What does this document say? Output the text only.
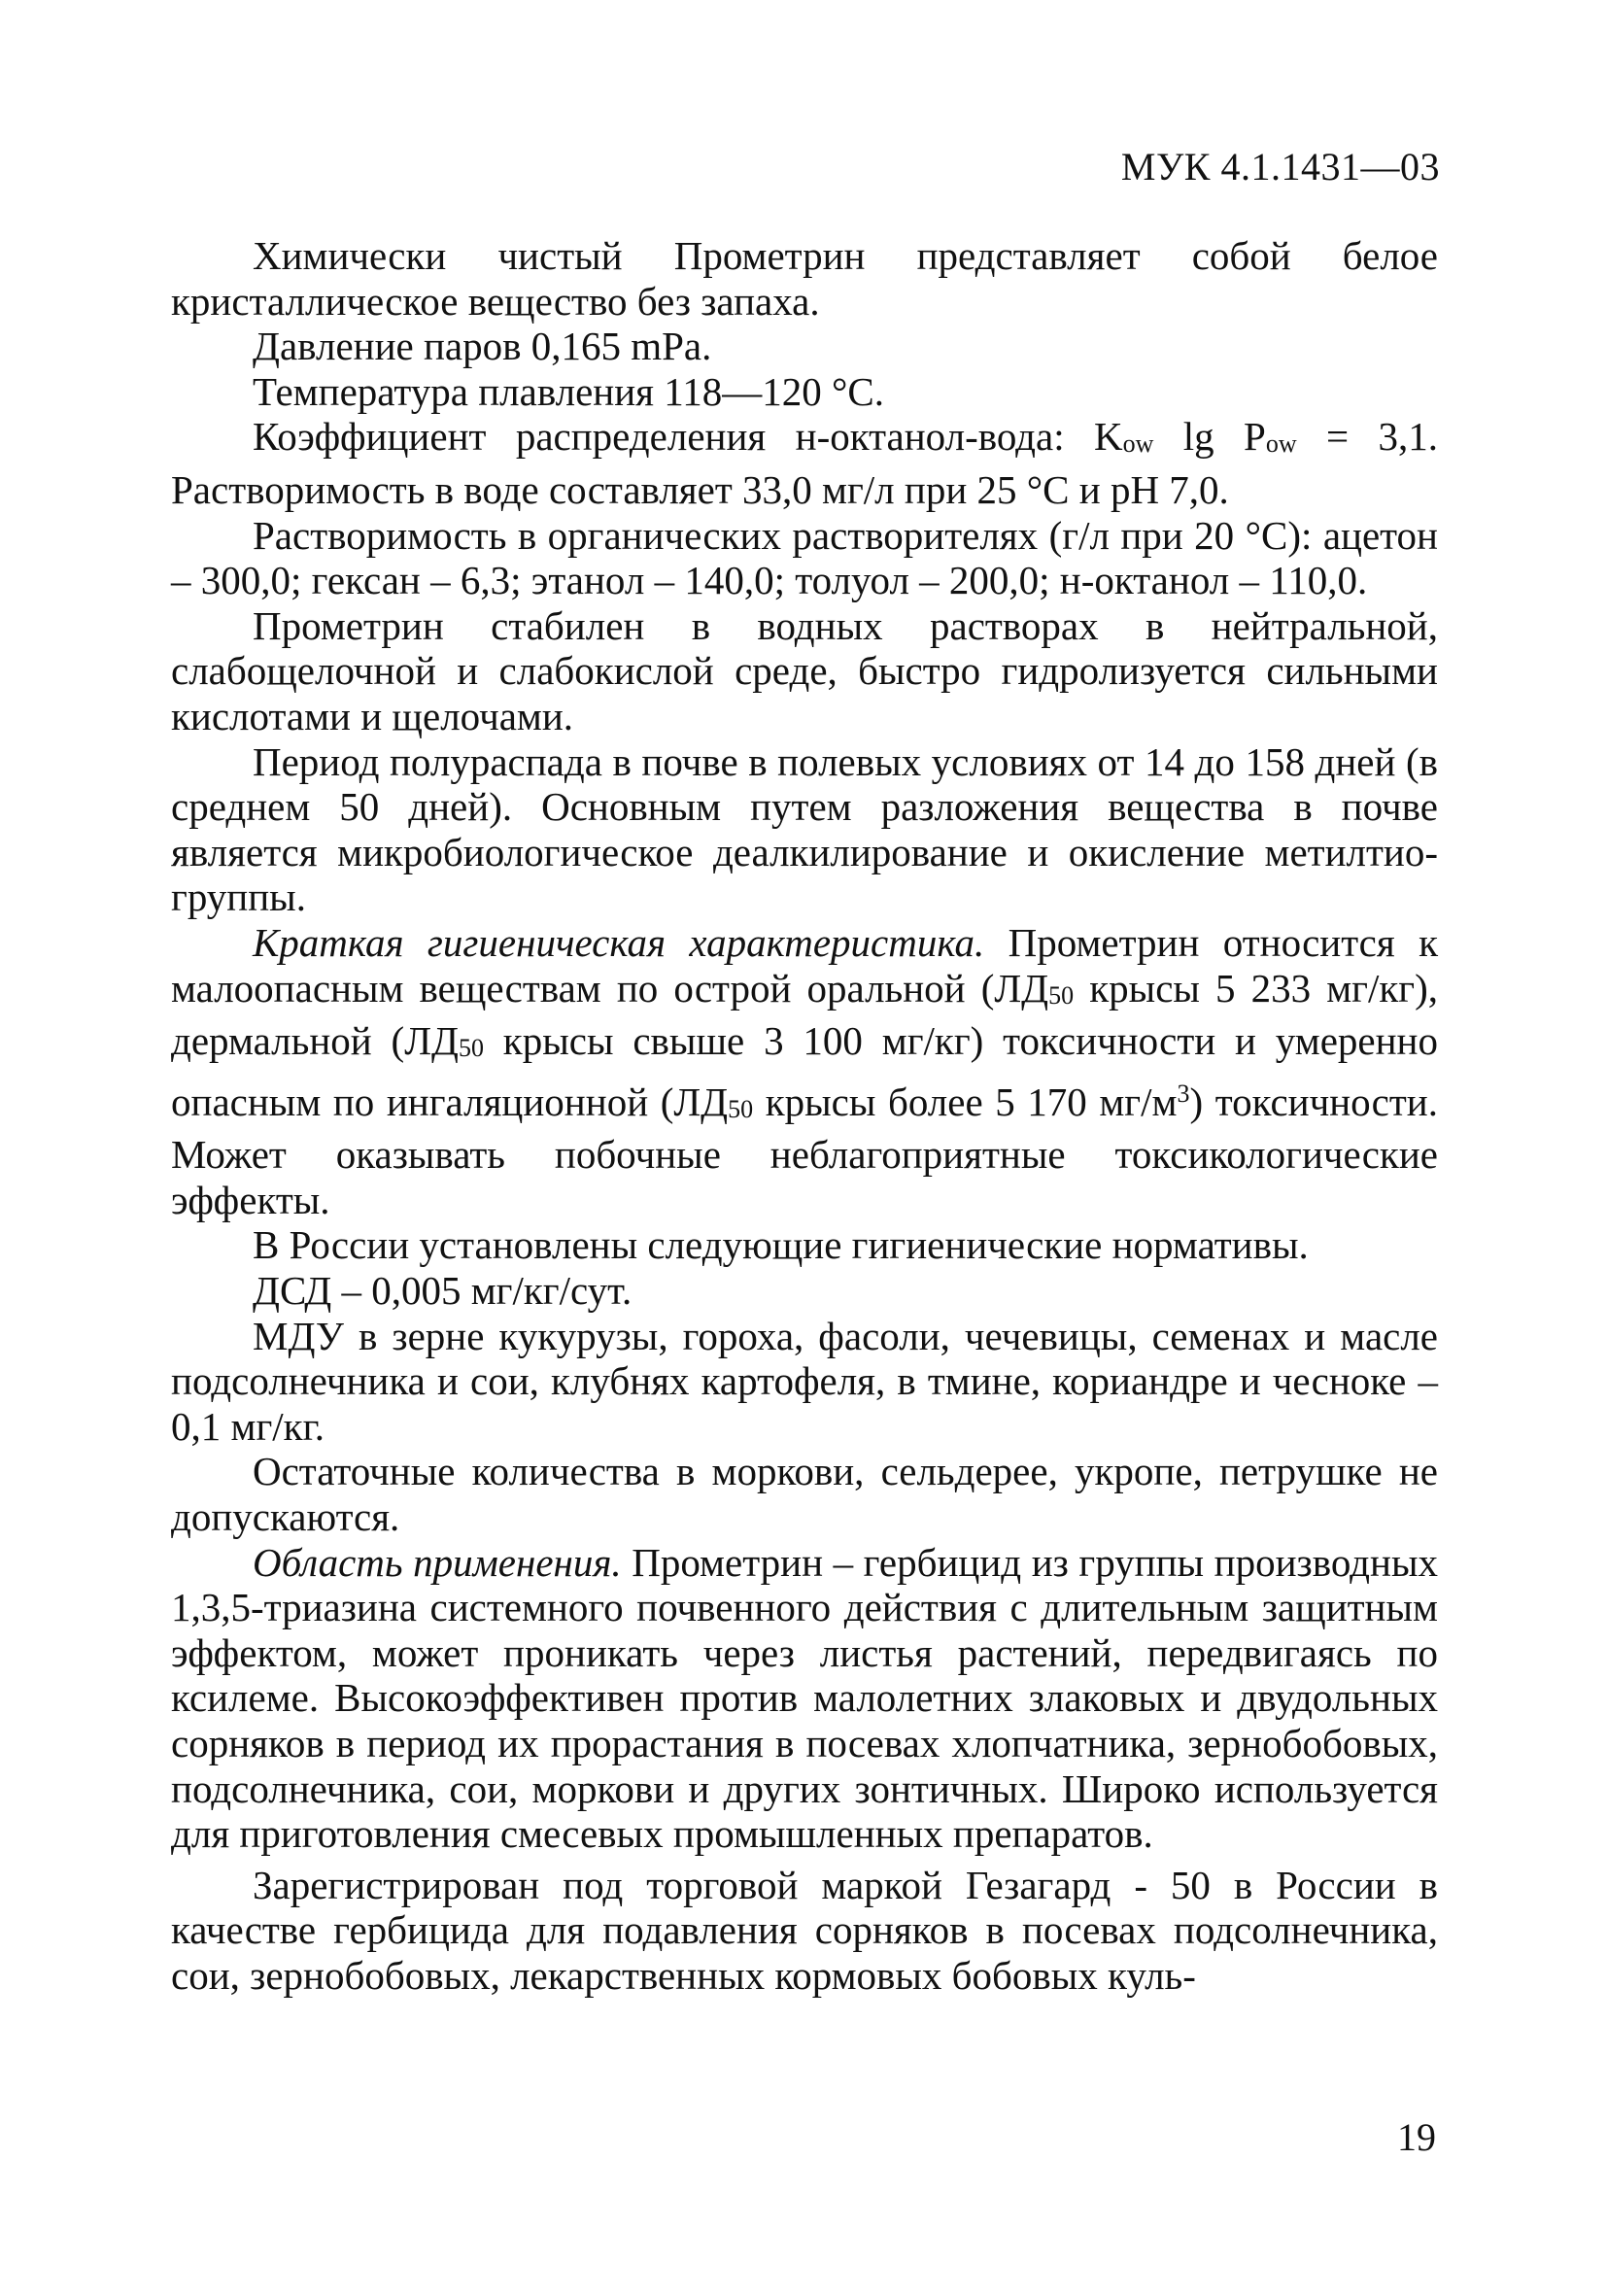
МУК 4.1.1431—03

Химически чистый Прометрин представляет собой белое кристаллическое вещество без запаха.

Давление паров 0,165 mPa.

Температура плавления 118—120 °С.

Коэффициент распределения н-октанол-вода: Kow lg Pow = 3,1. Растворимость в воде составляет 33,0 мг/л при 25 °С и рН 7,0.

Растворимость в органических растворителях (г/л при 20 °С): ацетон – 300,0; гексан – 6,3; этанол – 140,0; толуол – 200,0; н-октанол – 110,0.

Прометрин стабилен в водных растворах в нейтральной, слабощелочной и слабокислой среде, быстро гидролизуется сильными кислотами и щелочами.

Период полураспада в почве в полевых условиях от 14 до 158 дней (в среднем 50 дней). Основным путем разложения вещества в почве является микробиологическое деалкилирование и окисление метилтио-группы.

Краткая гигиеническая характеристика. Прометрин относится к малоопасным веществам по острой оральной (ЛД50 крысы 5 233 мг/кг), дермальной (ЛД50 крысы свыше 3 100 мг/кг) токсичности и умеренно опасным по ингаляционной (ЛД50 крысы более 5 170 $мг/м^3$) токсичности. Может оказывать побочные неблагоприятные токсикологические эффекты.

В России установлены следующие гигиенические нормативы.

ДСД – 0,005 мг/кг/сут.

МДУ в зерне кукурузы, гороха, фасоли, чечевицы, семенах и масле подсолнечника и сои, клубнях картофеля, в тмине, кориандре и чесноке – 0,1 мг/кг.

Остаточные количества в моркови, сельдерее, укропе, петрушке не допускаются.

Область применения. Прометрин – гербицид из группы производных 1,3,5-триазина системного почвенного действия с длительным защитным эффектом, может проникать через листья растений, передвигаясь по ксилеме. Высокоэффективен против малолетних злаковых и двудольных сорняков в период их прорастания в посевах хлопчатника, зернобобовых, подсолнечника, сои, моркови и других зонтичных. Широко используется для приготовления смесевых промышленных препаратов.

Зарегистрирован под торговой маркой Гезагард - 50 в России в качестве гербицида для подавления сорняков в посевах подсолнечника, сои, зернобобовых, лекарственных кормовых бобовых куль-

19
